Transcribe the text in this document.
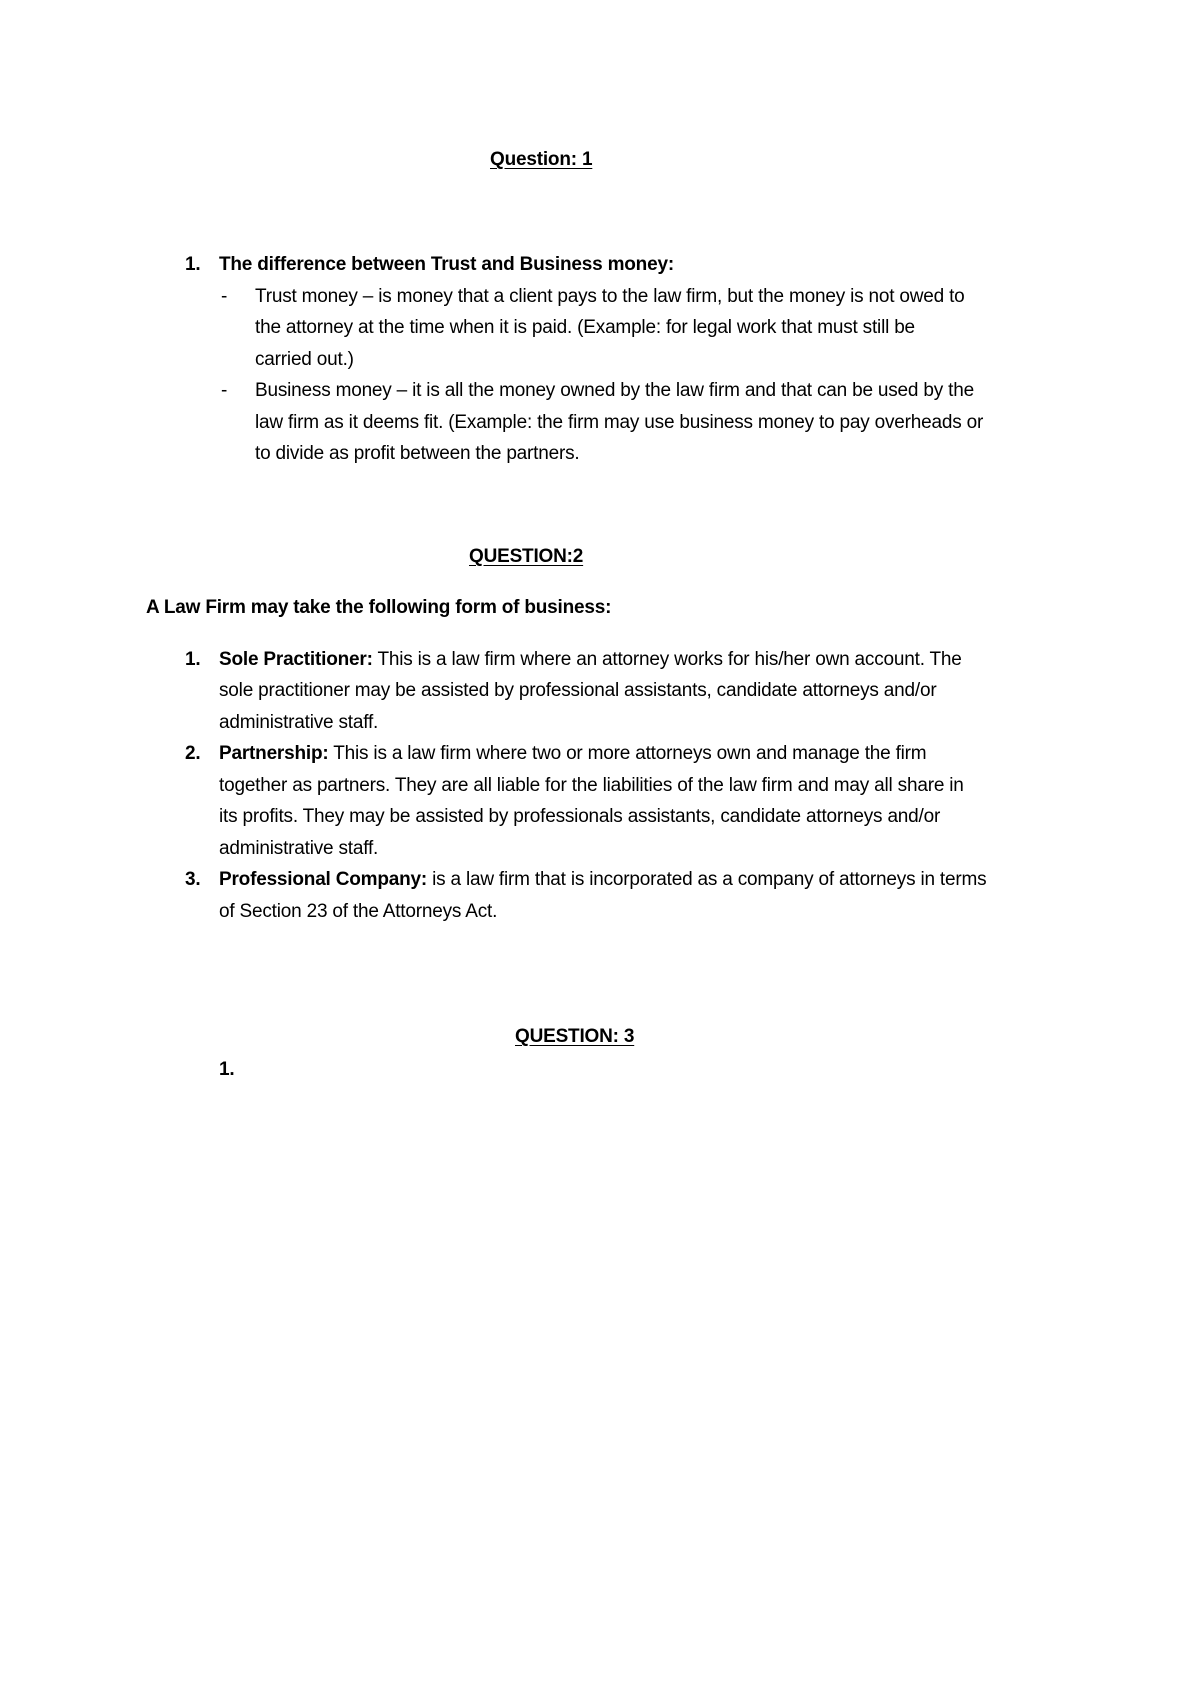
Question: 1
1. The difference between Trust and Business money:
- Trust money – is money that a client pays to the law firm, but the money is not owed to
the attorney at the time when it is paid. (Example: for legal work that must still be
carried out.)
- Business money – it is all the money owned by the law firm and that can be used by the
law firm as it deems fit. (Example: the firm may use business money to pay overheads or
to divide as profit between the partners.
QUESTION:2
A Law Firm may take the following form of business:
1. Sole Practitioner: This is a law firm where an attorney works for his/her own account. The
sole practitioner may be assisted by professional assistants, candidate attorneys and/or
administrative staff.
2. Partnership: This is a law firm where two or more attorneys own and manage the firm
together as partners. They are all liable for the liabilities of the law firm and may all share in
its profits. They may be assisted by professionals assistants, candidate attorneys and/or
administrative staff.
3. Professional Company: is a law firm that is incorporated as a company of attorneys in terms
of Section 23 of the Attorneys Act.
QUESTION: 3
1.
